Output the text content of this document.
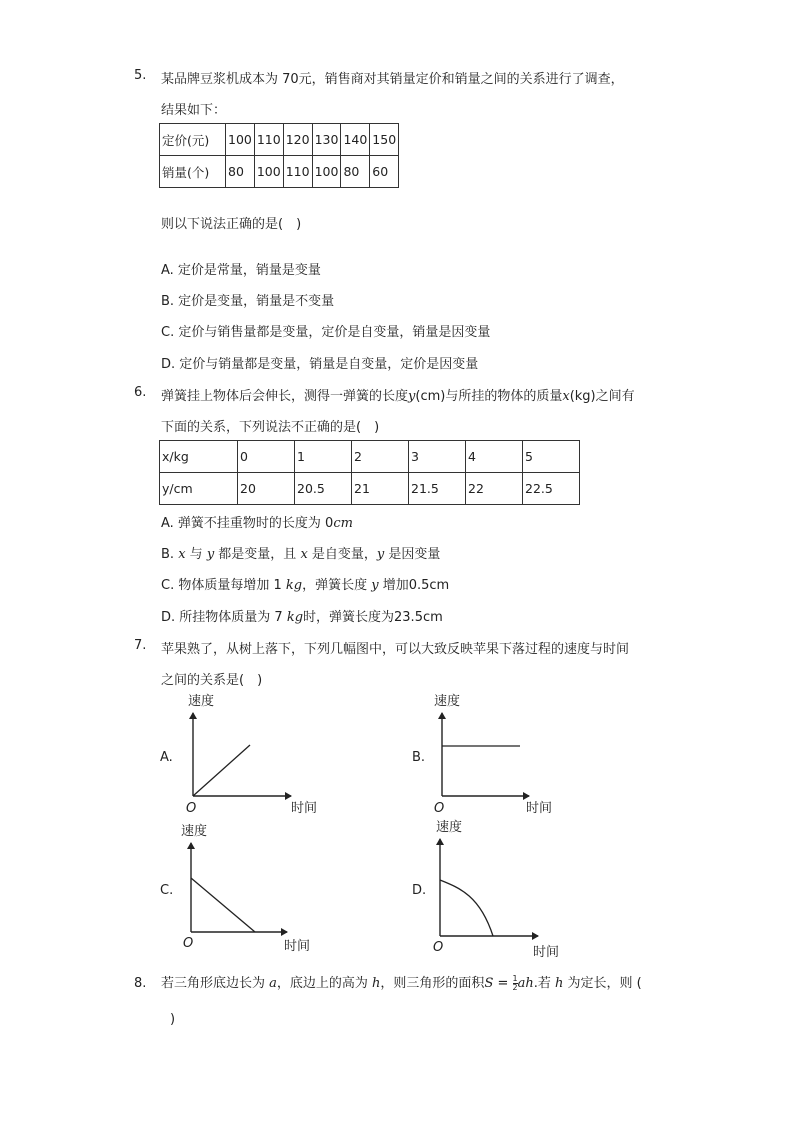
5. 某品牌豆浆机成本为 70元，销售商对其销量定价和销量之间的关系进行了调查，
结果如下：
定价(元)	100	110	120	130	140	150
销量(个)	80	100	110	100	80	60
则以下说法正确的是(　)
A. 定价是常量，销量是变量
B. 定价是变量，销量是不变量
C. 定价与销售量都是变量，定价是自变量，销量是因变量
D. 定价与销量都是变量，销量是自变量，定价是因变量
6. 弹簧挂上物体后会伸长，测得一弹簧的长度y(cm)与所挂的物体的质量x(kg)之间有
下面的关系，下列说法不正确的是(　)
x/kg	0	1	2	3	4	5
y/cm	20	20.5	21	21.5	22	22.5
A. 弹簧不挂重物时的长度为 0cm
B. x 与 y 都是变量，且 x 是自变量，y 是因变量
C. 物体质量每增加 1 kg，弹簧长度 y 增加0.5cm
D. 所挂物体质量为 7 kg时，弹簧长度为23.5cm
7. 苹果熟了，从树上落下，下列几幅图中，可以大致反映苹果下落过程的速度与时间
之间的关系是(　)
A.
速度
O	时间
B.
速度
O	时间
C.
速度
O	时间
D.
速度
O	时间
8. 若三角形底边长为 a，底边上的高为 h，则三角形的面积$S = \frac{1}{2}$ ah.若 h 为定长，则 (
)
